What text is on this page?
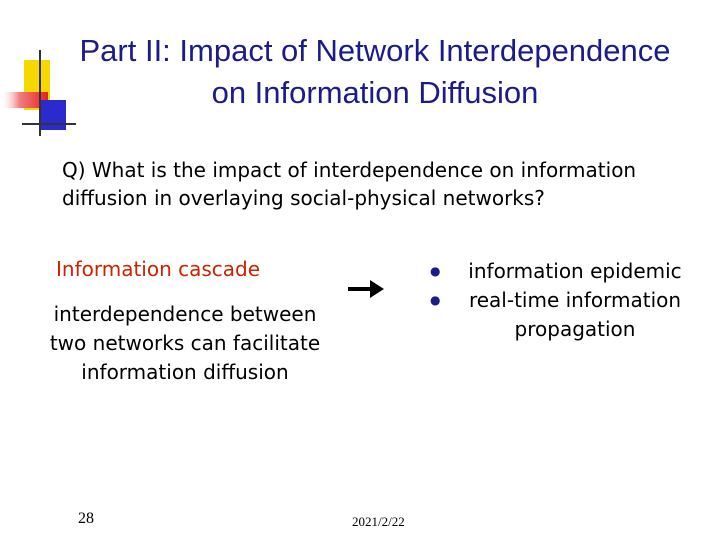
Part II: Impact of Network Interdependence
on Information Diffusion
Q) What is the impact of interdependence on information
diffusion in overlaying social-physical networks?
Information cascade
interdependence between
two networks can facilitate
information diffusion
●	information epidemic
●	real-time information
propagation
28	2021/2/22
